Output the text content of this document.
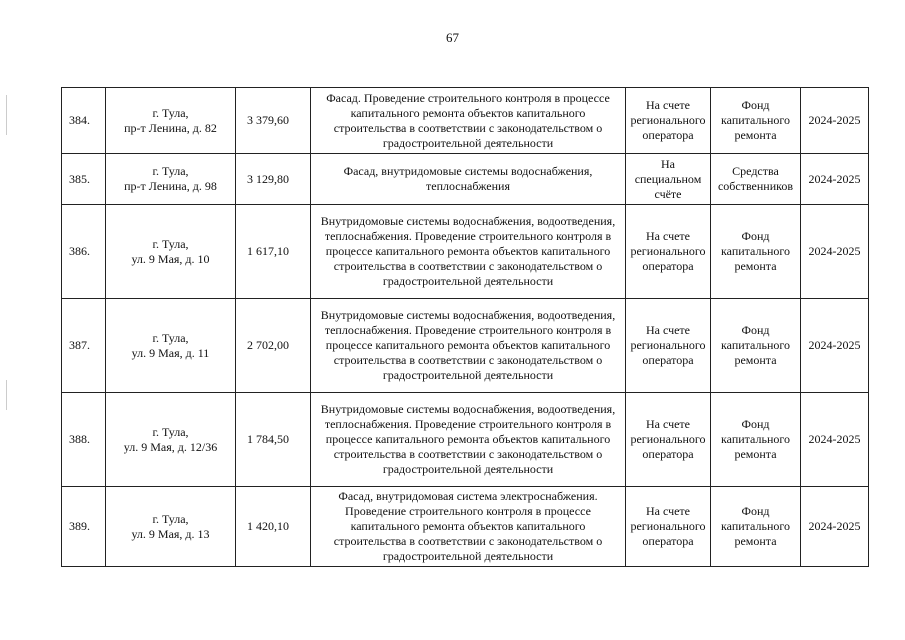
67
384.	г. Тула,
пр-т Ленина, д. 82	3 379,60	Фасад. Проведение строительного контроля в процессе капитального ремонта объектов капитального строительства в соответствии с законодательством о градостроительной деятельности	На счете регионального оператора	Фонд капитального ремонта	2024-2025
385.	г. Тула,
пр-т Ленина, д. 98	3 129,80	Фасад, внутридомовые системы водоснабжения, теплоснабжения	На специальном счёте	Средства собственников	2024-2025
386.	г. Тула,
ул. 9 Мая, д. 10	1 617,10	Внутридомовые системы водоснабжения, водоотведения, теплоснабжения. Проведение строительного контроля в процессе капитального ремонта объектов капитального строительства в соответствии с законодательством о градостроительной деятельности	На счете регионального оператора	Фонд капитального ремонта	2024-2025
387.	г. Тула,
ул. 9 Мая, д. 11	2 702,00	Внутридомовые системы водоснабжения, водоотведения, теплоснабжения. Проведение строительного контроля в процессе капитального ремонта объектов капитального строительства в соответствии с законодательством о градостроительной деятельности	На счете регионального оператора	Фонд капитального ремонта	2024-2025
388.	г. Тула,
ул. 9 Мая, д. 12/36	1 784,50	Внутридомовые системы водоснабжения, водоотведения, теплоснабжения. Проведение строительного контроля в процессе капитального ремонта объектов капитального строительства в соответствии с законодательством о градостроительной деятельности	На счете регионального оператора	Фонд капитального ремонта	2024-2025
389.	г. Тула,
ул. 9 Мая, д. 13	1 420,10	Фасад, внутридомовая система электроснабжения. Проведение строительного контроля в процессе капитального ремонта объектов капитального строительства в соответствии с законодательством о градостроительной деятельности	На счете регионального оператора	Фонд капитального ремонта	2024-2025
